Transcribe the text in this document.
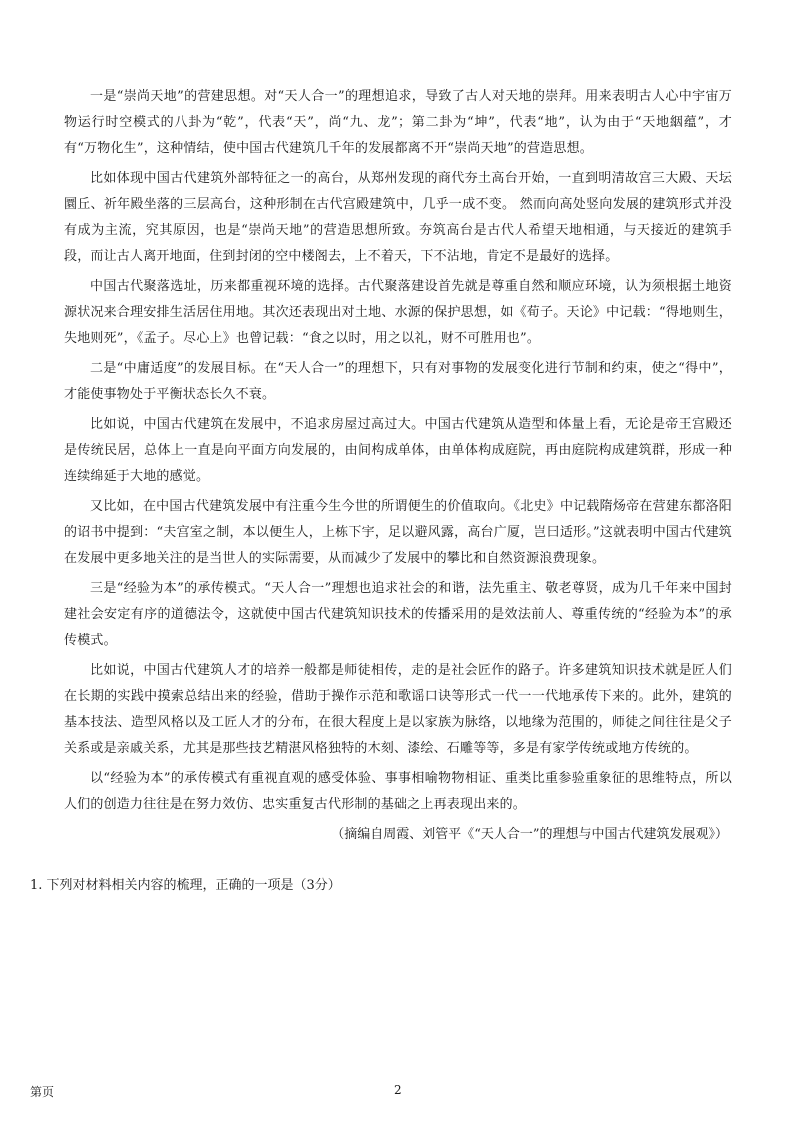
一是“崇尚天地”的营建思想。对“天人合一”的理想追求，导致了古人对天地的崇拜。用来表明古人心中宇宙万物运行时空模式的八卦为“乾”，代表“天”，尚“九、龙”；第二卦为“坤”，代表“地”，认为由于“天地絪蕴”，才有“万物化生”，这种情结，使中国古代建筑几千年的发展都离不开“崇尚天地”的营造思想。

比如体现中国古代建筑外部特征之一的高台，从郑州发现的商代夯土高台开始，一直到明清故宫三大殿、天坛圜丘、祈年殿坐落的三层高台，这种形制在古代宫殿建筑中，几乎一成不变。 然而向高处竖向发展的建筑形式并没有成为主流，究其原因，也是“崇尚天地”的营造思想所致。夯筑高台是古代人希望天地相通，与天接近的建筑手段，而让古人离开地面，住到封闭的空中楼阁去，上不着天，下不沾地，肯定不是最好的选择。

中国古代聚落选址，历来都重视环境的选择。古代聚落建设首先就是尊重自然和顺应环境，认为须根据土地资源状况来合理安排生活居住用地。其次还表现出对土地、水源的保护思想，如《荀子。天论》中记载：“得地则生，失地则死”，《孟子。尽心上》也曾记载：“食之以时，用之以礼，财不可胜用也”。

二是“中庸适度”的发展目标。在“天人合一”的理想下，只有对事物的发展变化进行节制和约束，使之“得中”，才能使事物处于平衡状态长久不衰。

比如说，中国古代建筑在发展中，不追求房屋过高过大。中国古代建筑从造型和体量上看，无论是帝王宫殿还是传统民居，总体上一直是向平面方向发展的，由间构成单体，由单体构成庭院，再由庭院构成建筑群，形成一种连续绵延于大地的感觉。

又比如，在中国古代建筑发展中有注重今生今世的所谓便生的价值取向。《北史》中记载隋炀帝在营建东都洛阳的诏书中提到：“夫宫室之制，本以便生人，上栋下宇，足以避风露，高台广厦，岂曰适形。”这就表明中国古代建筑在发展中更多地关注的是当世人的实际需要，从而减少了发展中的攀比和自然资源浪费现象。

三是“经验为本”的承传模式。“天人合一”理想也追求社会的和谐，法先重主、敬老尊贤，成为几千年来中国封建社会安定有序的道德法令，这就使中国古代建筑知识技术的传播采用的是效法前人、尊重传统的“经验为本”的承传模式。

比如说，中国古代建筑人才的培养一般都是师徒相传，走的是社会匠作的路子。许多建筑知识技术就是匠人们在长期的实践中摸索总结出来的经验，借助于操作示范和歌谣口诀等形式一代一一代地承传下来的。此外，建筑的基本技法、造型风格以及工匠人才的分布，在很大程度上是以家族为脉络，以地缘为范围的，师徒之间往往是父子关系或是亲戚关系，尤其是那些技艺精湛风格独特的木刻、漆绘、石雕等等，多是有家学传统或地方传统的。

以“经验为本”的承传模式有重视直观的感受体验、事事相喻物物相证、重类比重参验重象征的思维特点，所以人们的创造力往往是在努力效仿、忠实重复古代形制的基础之上再表现出来的。

（摘编自周霞、刘管平《“天人合一”的理想与中国古代建筑发展观》）

1. 下列对材料相关内容的梳理，正确的一项是（3分）

第页	2
